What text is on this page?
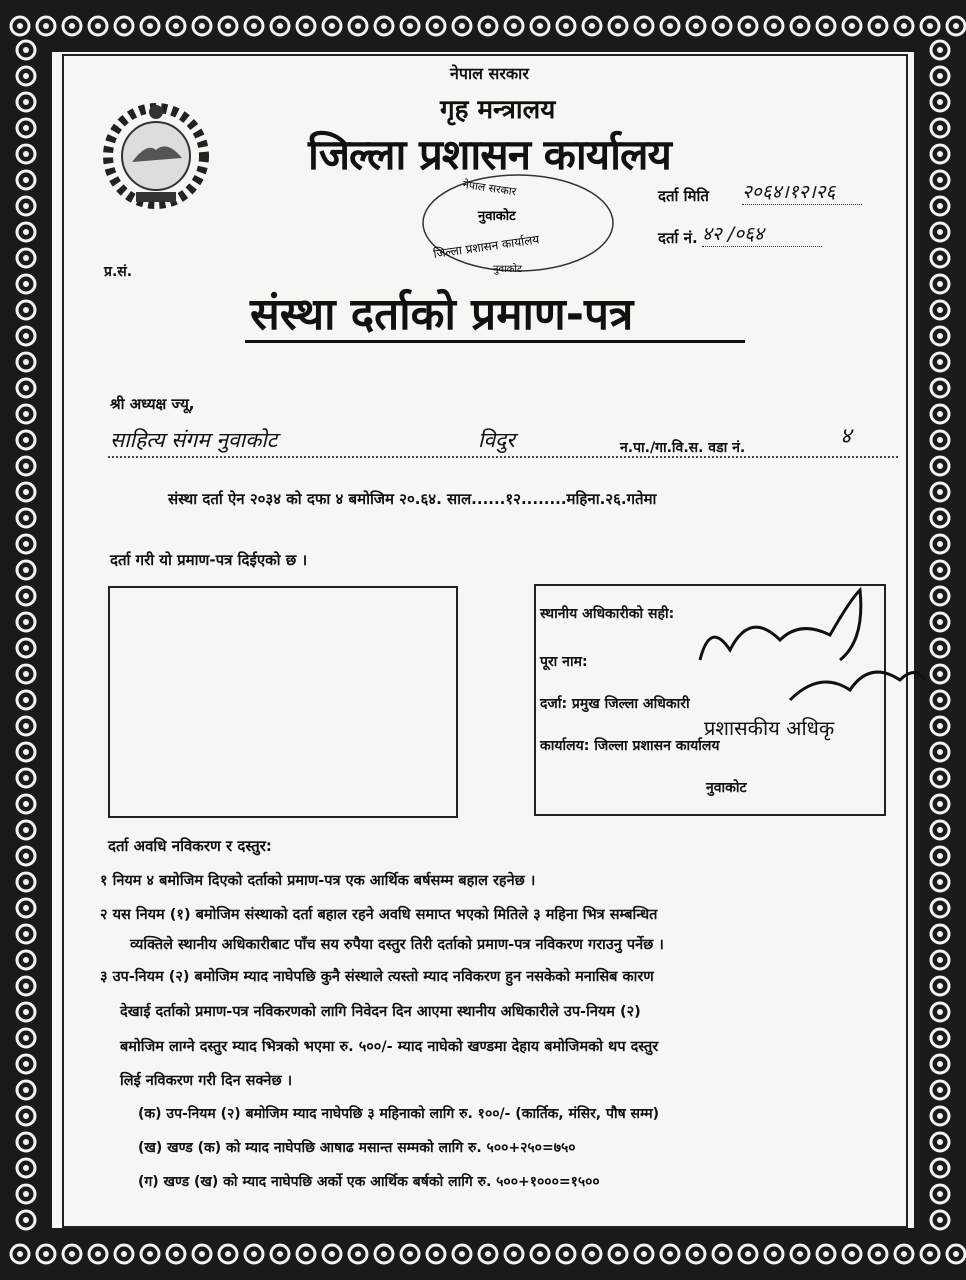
नेपाल सरकार
गृह मन्त्रालय
जिल्ला प्रशासन कार्यालय
नेपाल सरकार
नुवाकोट
जिल्ला प्रशासन कार्यालय
नुवाकोट
दर्ता मिति २०६४।१२।२६
दर्ता नं. ४२ /०६४
प्र.सं.
संस्था दर्ताको प्रमाण-पत्र
श्री अध्यक्ष ज्यू,
साहित्य संगम नुवाकोट	विदुर	न.पा./गा.वि.स. वडा नं.	४
संस्था दर्ता ऐन २०३४ को दफा ४ बमोजिम २०.६४. साल......१२........महिना.२६.गतेमा
दर्ता गरी यो प्रमाण-पत्र दिईएको छ ।
स्थानीय अधिकारीको सही:
पूरा नाम:
दर्जा: प्रमुख जिल्ला अधिकारी
कार्यालय: जिल्ला प्रशासन कार्यालय
नुवाकोट
प्रशासकीय अधिकृ
दर्ता अवधि नविकरण र दस्तुर:
१ नियम ४ बमोजिम दिएको दर्ताको प्रमाण-पत्र एक आर्थिक बर्षसम्म बहाल रहनेछ ।
२ यस नियम (१) बमोजिम संस्थाको दर्ता बहाल रहने अवधि समाप्त भएको मितिले ३ महिना भित्र सम्बन्धित
व्यक्तिले स्थानीय अधिकारीबाट पाँच सय रुपैया दस्तुर तिरी दर्ताको प्रमाण-पत्र नविकरण गराउनु पर्नेछ ।
३ उप-नियम (२) बमोजिम म्याद नाघेपछि कुनै संस्थाले त्यस्तो म्याद नविकरण हुन नसकेको मनासिब कारण
देखाई दर्ताको प्रमाण-पत्र नविकरणको लागि निवेदन दिन आएमा स्थानीय अधिकारीले उप-नियम (२)
बमोजिम लाग्ने दस्तुर म्याद भित्रको भएमा रु. ५००/- म्याद नाघेको खण्डमा देहाय बमोजिमको थप दस्तुर
लिई नविकरण गरी दिन सक्नेछ ।
(क) उप-नियम (२) बमोजिम म्याद नाघेपछि ३ महिनाको लागि रु. १००/- (कार्तिक, मंसिर, पौष सम्म)
(ख) खण्ड (क) को म्याद नाघेपछि आषाढ मसान्त सम्मको लागि रु. ५००+२५०=७५०
(ग) खण्ड (ख) को म्याद नाघेपछि अर्को एक आर्थिक बर्षको लागि रु. ५००+१०००=१५००
